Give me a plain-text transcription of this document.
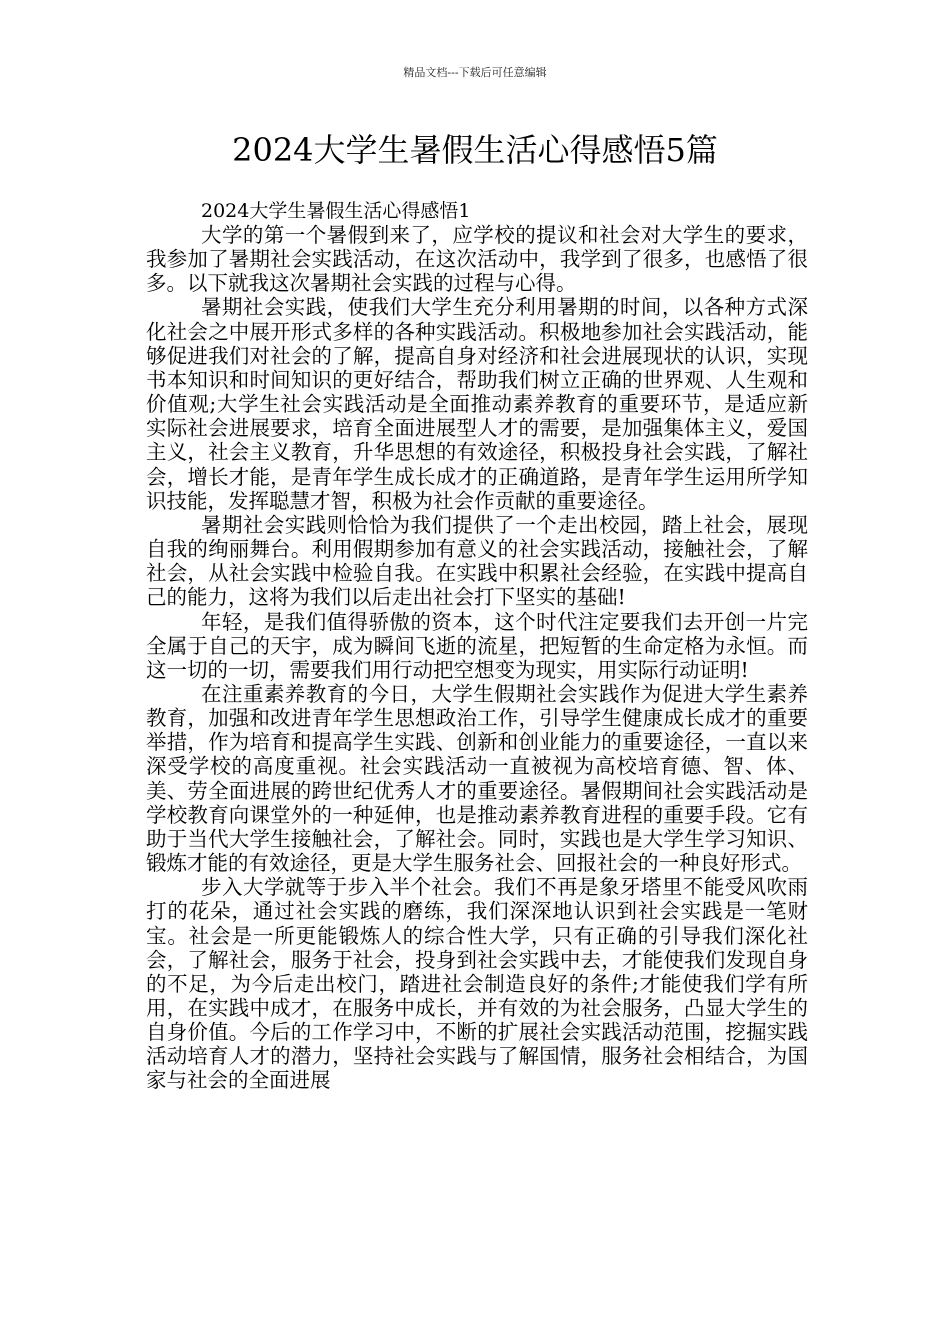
精品文档---下载后可任意编辑
2024大学生暑假生活心得感悟5篇

2024大学生暑假生活心得感悟1

大学的第一个暑假到来了，应学校的提议和社会对大学生的要求，我参加了暑期社会实践活动，在这次活动中，我学到了很多，也感悟了很多。以下就我这次暑期社会实践的过程与心得。

暑期社会实践，使我们大学生充分利用暑期的时间，以各种方式深化社会之中展开形式多样的各种实践活动。积极地参加社会实践活动，能够促进我们对社会的了解，提高自身对经济和社会进展现状的认识，实现书本知识和时间知识的更好结合，帮助我们树立正确的世界观、人生观和价值观;大学生社会实践活动是全面推动素养教育的重要环节，是适应新实际社会进展要求，培育全面进展型人才的需要，是加强集体主义，爱国主义，社会主义教育，升华思想的有效途径，积极投身社会实践，了解社会，增长才能，是青年学生成长成才的正确道路，是青年学生运用所学知识技能，发挥聪慧才智，积极为社会作贡献的重要途径。

暑期社会实践则恰恰为我们提供了一个走出校园，踏上社会，展现自我的绚丽舞台。利用假期参加有意义的社会实践活动，接触社会，了解社会，从社会实践中检验自我。在实践中积累社会经验，在实践中提高自己的能力，这将为我们以后走出社会打下坚实的基础!

年轻，是我们值得骄傲的资本，这个时代注定要我们去开创一片完全属于自己的天宇，成为瞬间飞逝的流星，把短暂的生命定格为永恒。而这一切的一切，需要我们用行动把空想变为现实，用实际行动证明!

在注重素养教育的今日，大学生假期社会实践作为促进大学生素养教育，加强和改进青年学生思想政治工作，引导学生健康成长成才的重要举措，作为培育和提高学生实践、创新和创业能力的重要途径，一直以来深受学校的高度重视。社会实践活动一直被视为高校培育德、智、体、美、劳全面进展的跨世纪优秀人才的重要途径。暑假期间社会实践活动是学校教育向课堂外的一种延伸，也是推动素养教育进程的重要手段。它有助于当代大学生接触社会，了解社会。同时，实践也是大学生学习知识、锻炼才能的有效途径，更是大学生服务社会、回报社会的一种良好形式。

步入大学就等于步入半个社会。我们不再是象牙塔里不能受风吹雨打的花朵，通过社会实践的磨练，我们深深地认识到社会实践是一笔财宝。社会是一所更能锻炼人的综合性大学，只有正确的引导我们深化社会，了解社会，服务于社会，投身到社会实践中去，才能使我们发现自身的不足，为今后走出校门，踏进社会制造良好的条件;才能使我们学有所用，在实践中成才，在服务中成长，并有效的为社会服务，凸显大学生的自身价值。今后的工作学习中，不断的扩展社会实践活动范围，挖掘实践活动培育人才的潜力，坚持社会实践与了解国情，服务社会相结合，为国家与社会的全面进展
